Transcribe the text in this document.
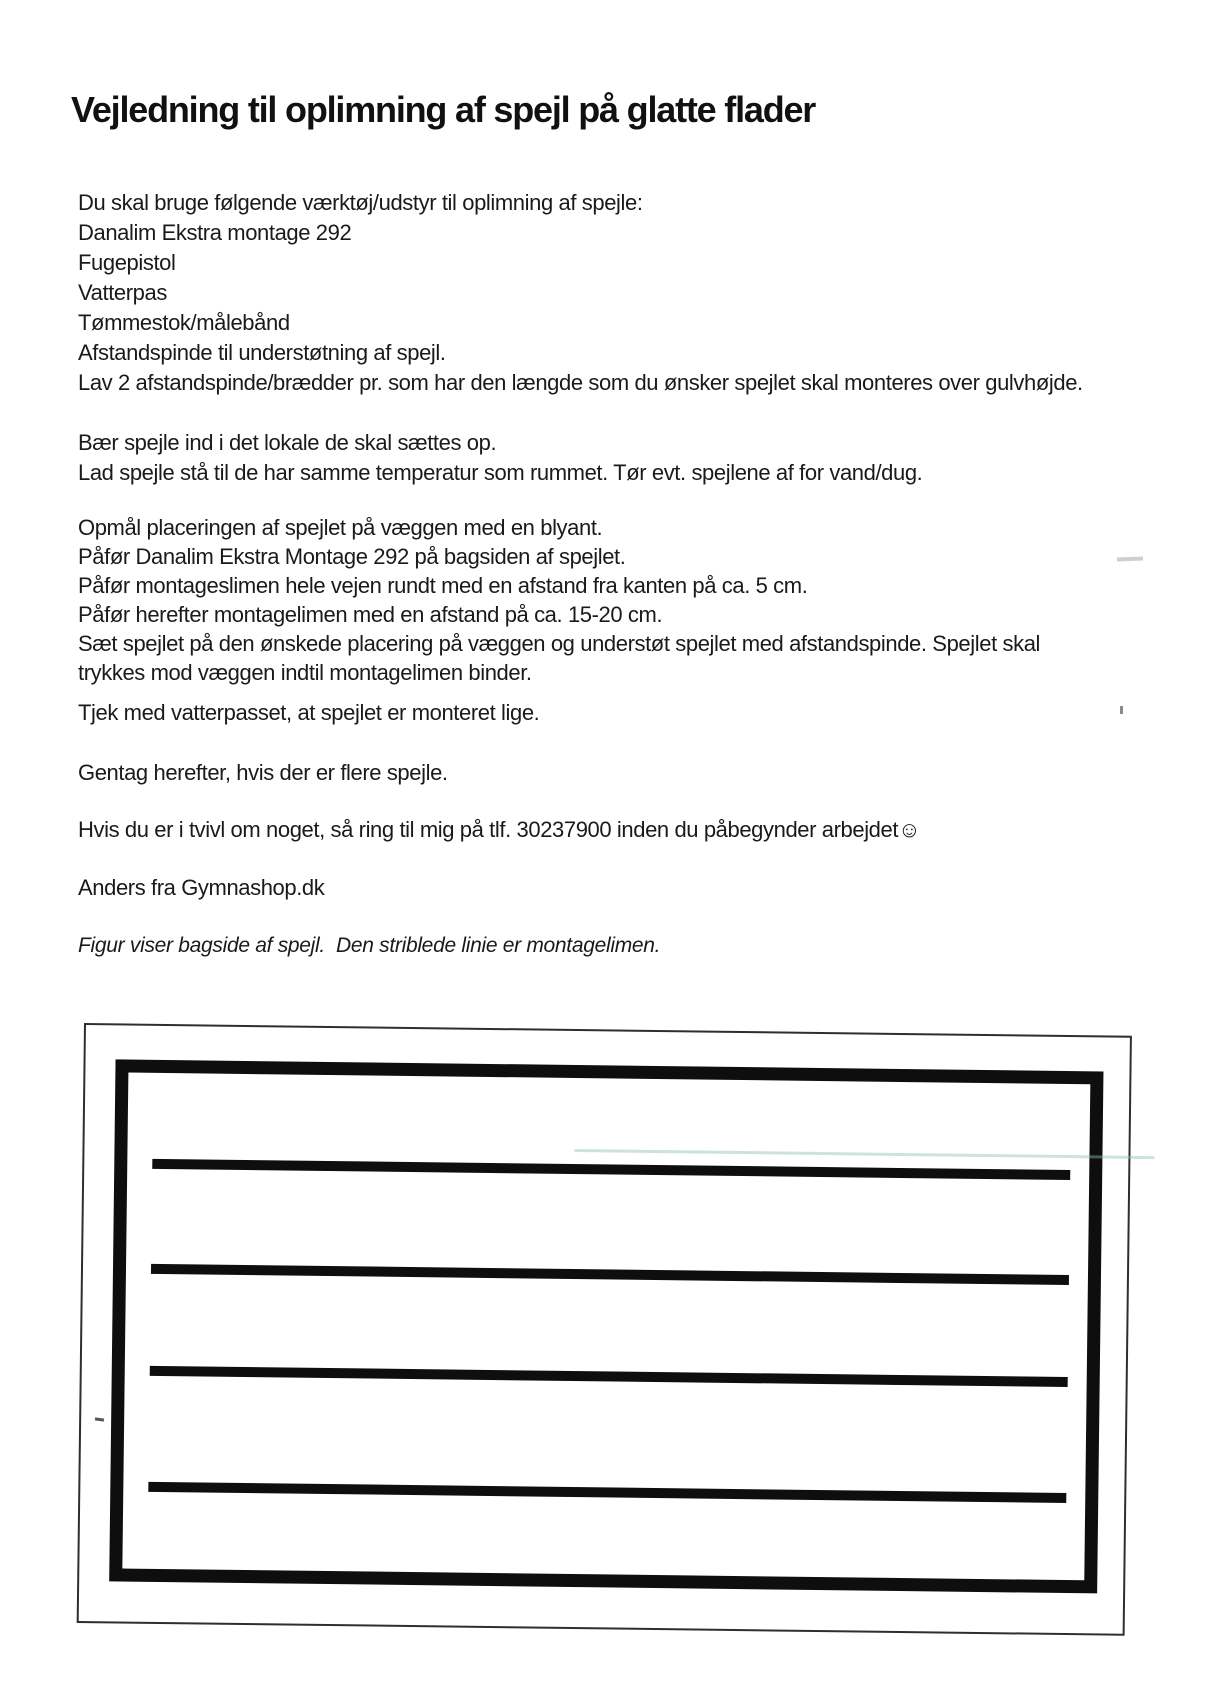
Vejledning til oplimning af spejl på glatte flader
Du skal bruge følgende værktøj/udstyr til oplimning af spejle:
Danalim Ekstra montage 292
Fugepistol
Vatterpas
Tømmestok/målebånd
Afstandspinde til understøtning af spejl.
Lav 2 afstandspinde/brædder pr. som har den længde som du ønsker spejlet skal monteres over gulvhøjde.
Bær spejle ind i det lokale de skal sættes op.
Lad spejle stå til de har samme temperatur som rummet. Tør evt. spejlene af for vand/dug.
Opmål placeringen af spejlet på væggen med en blyant.
Påfør Danalim Ekstra Montage 292 på bagsiden af spejlet.
Påfør montageslimen hele vejen rundt med en afstand fra kanten på ca. 5 cm.
Påfør herefter montagelimen med en afstand på ca. 15-20 cm.
Sæt spejlet på den ønskede placering på væggen og understøt spejlet med afstandspinde. Spejlet skal
trykkes mod væggen indtil montagelimen binder.
Tjek med vatterpasset, at spejlet er monteret lige.
Gentag herefter, hvis der er flere spejle.
Hvis du er i tvivl om noget, så ring til mig på tlf. 30237900 inden du påbegynder arbejdet☺
Anders fra Gymnashop.dk
Figur viser bagside af spejl.  Den striblede linie er montagelimen.
